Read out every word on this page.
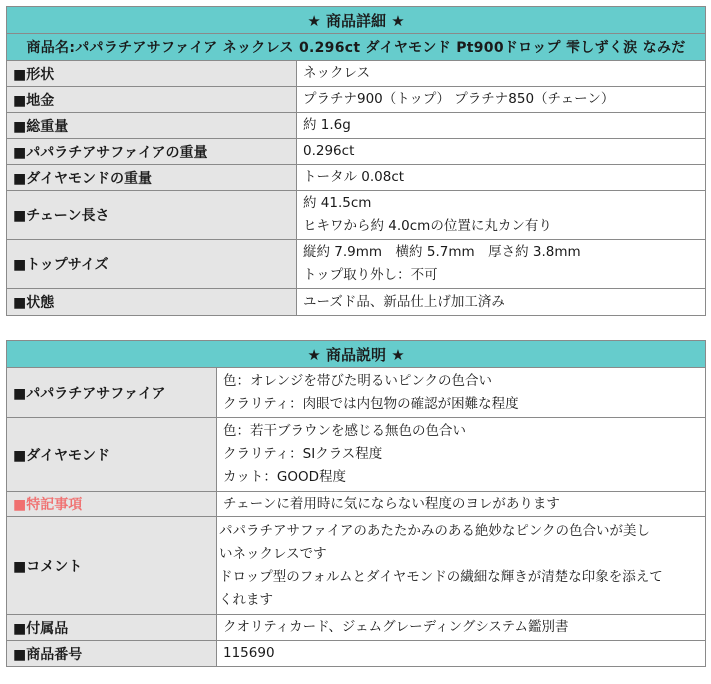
★ 商品詳細 ★	
商品名:パパラチアサファイア ネックレス 0.296ct ダイヤモンド Pt900ドロップ 雫しずく涙 なみだ	
■形状	ネックレス

■地金	プラチナ900（トップ） プラチナ850（チェーン）

■総重量	約 1.6g

■パパラチアサファイアの重量	0.296ct

■ダイヤモンドの重量	トータル 0.08ct

■チェーン長さ	約 41.5cm
ヒキワから約 4.0cmの位置に丸カン有り

■トップサイズ	縦約 7.9mm　横約 5.7mm　厚さ約 3.8mm
トップ取り外し：不可

■状態	ユーズド品、新品仕上げ加工済み
★ 商品説明 ★	
■パパラチアサファイア	色：オレンジを帯びた明るいピンクの色合い
クラリティ：肉眼では内包物の確認が困難な程度

■ダイヤモンド	色：若干ブラウンを感じる無色の色合い
クラリティ：SIクラス程度
カット：GOOD程度

■特記事項	チェーンに着用時に気にならない程度のヨレがあります

■コメント	パパラチアサファイアのあたたかみのある絶妙なピンクの色合いが美し
いネックレスです
ドロップ型のフォルムとダイヤモンドの繊細な輝きが清楚な印象を添えて
くれます

■付属品	クオリティカード、ジェムグレーディングシステム鑑別書

■商品番号	115690
